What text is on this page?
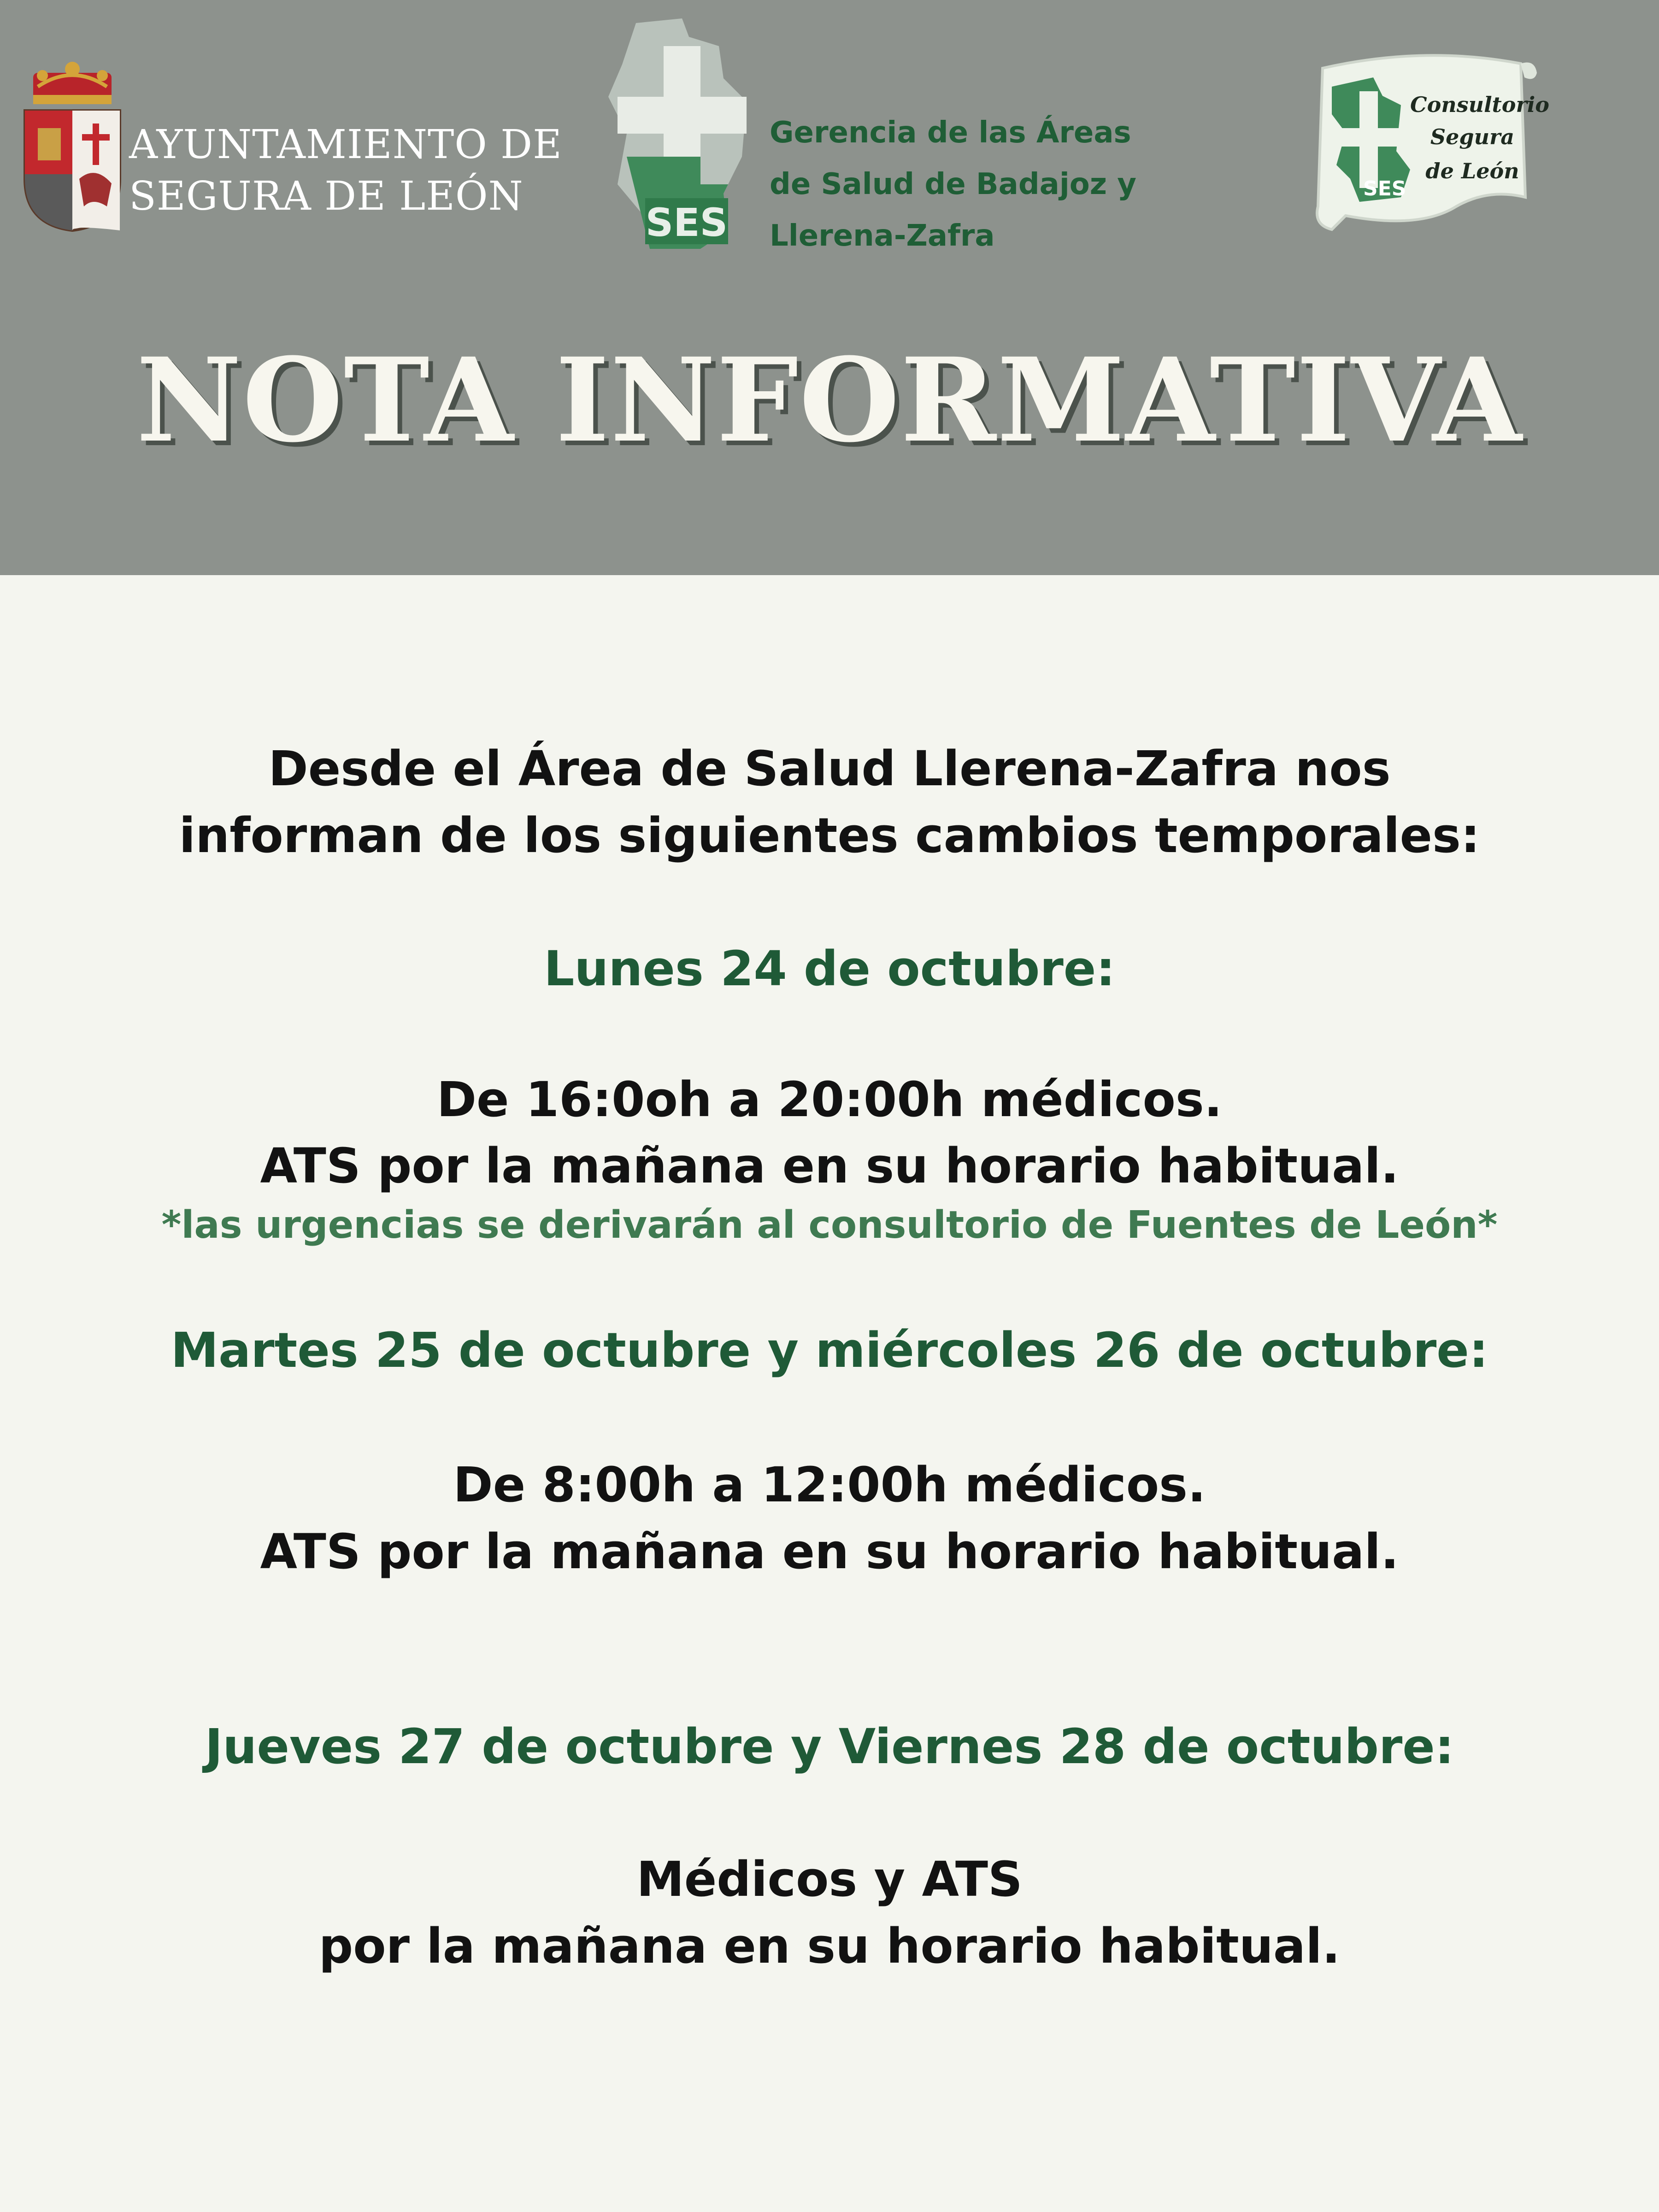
AYUNTAMIENTO DE
SEGURA DE LEÓN
SES
Gerencia de las Áreas
de Salud de Badajoz y
Llerena-Zafra
Consultorio
Segura
de León
SES
NOTA INFORMATIVA
Desde el Área de Salud Llerena-Zafra nos
informan de los siguientes cambios temporales:
Lunes 24 de octubre:
De 16:0oh a 20:00h médicos.
ATS por la mañana en su horario habitual.
*las urgencias se derivarán al consultorio de Fuentes de León*
Martes 25 de octubre y miércoles 26 de octubre:
De 8:00h a 12:00h médicos.
ATS por la mañana en su horario habitual.
Jueves 27 de octubre y Viernes 28 de octubre:
Médicos y ATS
por la mañana en su horario habitual.
